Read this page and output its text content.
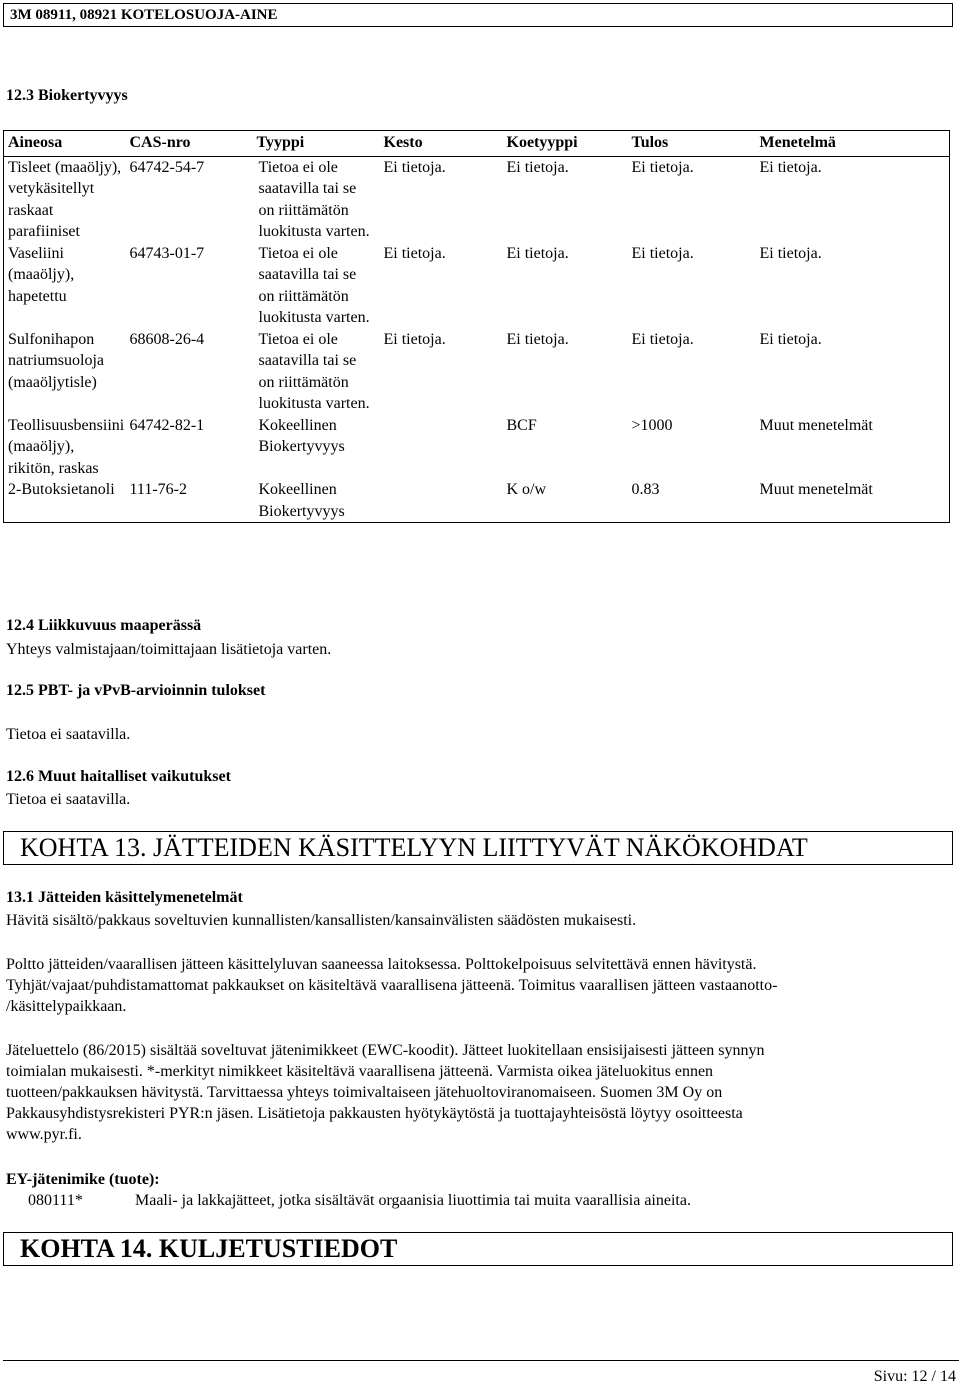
3M 08911, 08921 KOTELOSUOJA-AINE
12.3 Biokertyvyys
Aineosa	CAS-nro	Tyyppi	Kesto	Koetyyppi	Tulos	Menetelmä
Tisleet (maaöljy), vetykäsitellyt raskaat parafiiniset	64742-54-7	Tietoa ei ole saatavilla tai se on riittämätön luokitusta varten.	Ei tietoja.	Ei tietoja.	Ei tietoja.	Ei tietoja.
Vaseliini (maaöljy), hapetettu	64743-01-7	Tietoa ei ole saatavilla tai se on riittämätön luokitusta varten.	Ei tietoja.	Ei tietoja.	Ei tietoja.	Ei tietoja.
Sulfonihapon natriumsuoloja (maaöljytisle)	68608-26-4	Tietoa ei ole saatavilla tai se on riittämätön luokitusta varten.	Ei tietoja.	Ei tietoja.	Ei tietoja.	Ei tietoja.
Teollisuusbensiini (maaöljy), rikitön, raskas	64742-82-1	Kokeellinen Biokertyvyys		BCF	>1000	Muut menetelmät
2-Butoksietanoli	111-76-2	Kokeellinen Biokertyvyys		K o/w	0.83	Muut menetelmät
12.4 Liikkuvuus maaperässä
Yhteys valmistajaan/toimittajaan lisätietoja varten.
12.5 PBT- ja vPvB-arvioinnin tulokset
Tietoa ei saatavilla.
12.6 Muut haitalliset vaikutukset
Tietoa ei saatavilla.
KOHTA 13. JÄTTEIDEN KÄSITTELYYN LIITTYVÄT NÄKÖKOHDAT
13.1 Jätteiden käsittelymenetelmät
Hävitä sisältö/pakkaus soveltuvien kunnallisten/kansallisten/kansainvälisten säädösten mukaisesti.
Poltto jätteiden/vaarallisen jätteen käsittelyluvan saaneessa laitoksessa. Polttokelpoisuus selvitettävä ennen hävitystä.
Tyhjät/vajaat/puhdistamattomat pakkaukset on käsiteltävä vaarallisena jätteenä. Toimitus vaarallisen jätteen vastaanotto-
/käsittelypaikkaan.
Jäteluettelo (86/2015) sisältää soveltuvat jätenimikkeet (EWC-koodit). Jätteet luokitellaan ensisijaisesti jätteen synnyn
toimialan mukaisesti. *-merkityt nimikkeet käsiteltävä vaarallisena jätteenä. Varmista oikea jäteluokitus ennen
tuotteen/pakkauksen hävitystä. Tarvittaessa yhteys toimivaltaiseen jätehuoltoviranomaiseen. Suomen 3M Oy on
Pakkausyhdistysrekisteri PYR:n jäsen. Lisätietoja pakkausten hyötykäytöstä ja tuottajayhteisöstä löytyy osoitteesta
www.pyr.fi.
EY-jätenimike (tuote):
080111*	Maali- ja lakkajätteet, jotka sisältävät orgaanisia liuottimia tai muita vaarallisia aineita.
KOHTA 14. KULJETUSTIEDOT
Sivu: 12 / 14
